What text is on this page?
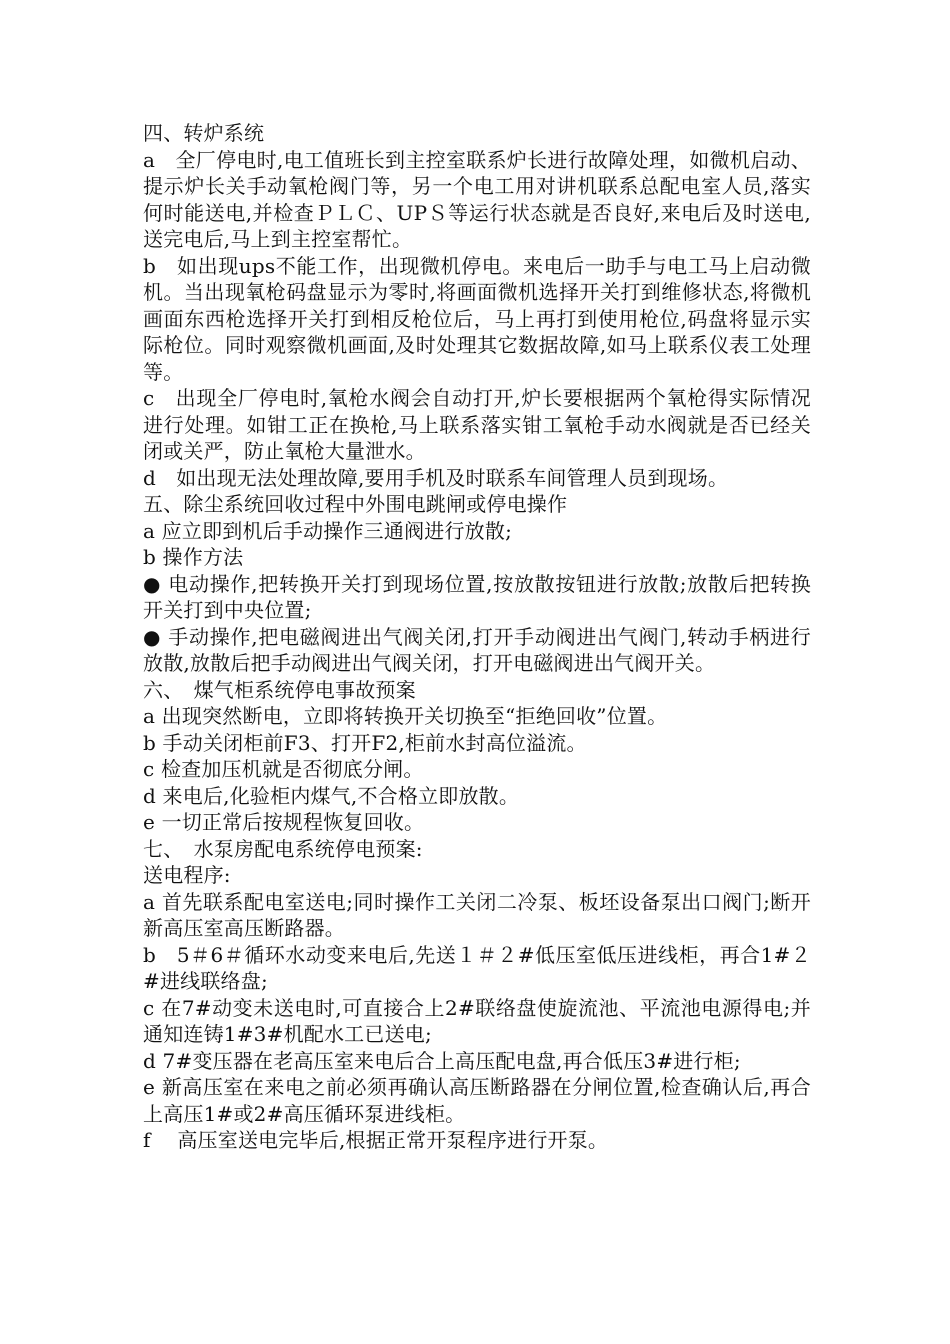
四、转炉系统

a　全厂停电时,电工值班长到主控室联系炉长进行故障处理，如微机启动、提示炉长关手动氧枪阀门等，另一个电工用对讲机联系总配电室人员,落实何时能送电,并检查ＰＬＣ、UPＳ等运行状态就是否良好,来电后及时送电,送完电后,马上到主控室帮忙。

b　如出现ups不能工作，出现微机停电。来电后一助手与电工马上启动微机。当出现氧枪码盘显示为零时,将画面微机选择开关打到维修状态,将微机画面东西枪选择开关打到相反枪位后，马上再打到使用枪位,码盘将显示实际枪位。同时观察微机画面,及时处理其它数据故障,如马上联系仪表工处理等。

c　出现全厂停电时,氧枪水阀会自动打开,炉长要根据两个氧枪得实际情况进行处理。如钳工正在换枪,马上联系落实钳工氧枪手动水阀就是否已经关闭或关严，防止氧枪大量泄水。

d　如出现无法处理故障,要用手机及时联系车间管理人员到现场。

五、除尘系统回收过程中外围电跳闸或停电操作

a 应立即到机后手动操作三通阀进行放散;

b 操作方法

● 电动操作,把转换开关打到现场位置,按放散按钮进行放散;放散后把转换开关打到中央位置;

● 手动操作,把电磁阀进出气阀关闭,打开手动阀进出气阀门,转动手柄进行放散,放散后把手动阀进出气阀关闭，打开电磁阀进出气阀开关。

六、　煤气柜系统停电事故预案

a 出现突然断电，立即将转换开关切换至“拒绝回收”位置。

b 手动关闭柜前F3、打开F2,柜前水封高位溢流。

c 检查加压机就是否彻底分闸。

d 来电后,化验柜内煤气,不合格立即放散。

e 一切正常后按规程恢复回收。

七、　水泵房配电系统停电预案:

送电程序:

a 首先联系配电室送电;同时操作工关闭二冷泵、板坯设备泵出口阀门;断开新高压室高压断路器。

b　5＃6＃循环水动变来电后,先送１＃２#低压室低压进线柜，再合1#２#进线联络盘;

c 在7#动变未送电时,可直接合上2#联络盘使旋流池、平流池电源得电;并通知连铸1#3#机配水工已送电;

d 7#变压器在老高压室来电后合上高压配电盘,再合低压3#进行柜;

e 新高压室在来电之前必须再确认高压断路器在分闸位置,检查确认后,再合上高压1#或2#高压循环泵进线柜。

f　 高压室送电完毕后,根据正常开泵程序进行开泵。
